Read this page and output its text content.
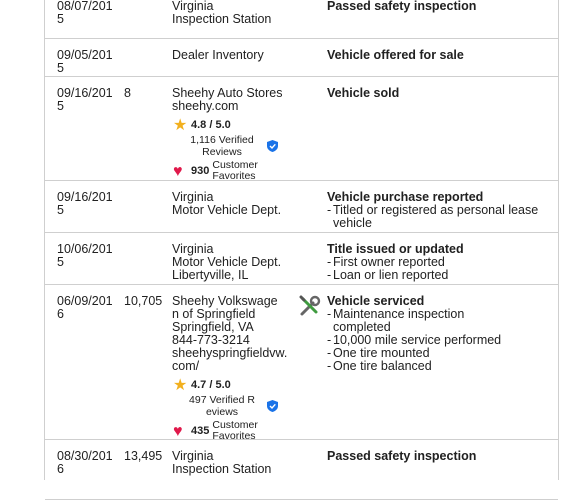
08/07/2015
Virginia
Inspection Station
Passed safety inspection
09/05/2015
Dealer Inventory	Vehicle offered for sale
09/16/2015
8	Sheehy Auto Stores
sheehy.com
★ 4.8 / 5.0
1,116 Verified Reviews
♥ 930 Customer Favorites
Vehicle sold
09/16/2015
Virginia
Motor Vehicle Dept.
Vehicle purchase reported
- Titled or registered as personal lease vehicle
10/06/2015
Virginia
Motor Vehicle Dept.
Libertyville, IL
Title issued or updated
- First owner reported
- Loan or lien reported
06/09/2016
10,705 Sheehy Volkswagen of Springfield
Springfield, VA
844-773-3214
sheehyspringfieldvw.com/
★ 4.7 / 5.0
497 Verified Reviews
♥ 435 Customer Favorites
Vehicle serviced
- Maintenance inspection completed
- 10,000 mile service performed
- One tire mounted
- One tire balanced
08/30/2016
13,495 Virginia
Inspection Station
Passed safety inspection
